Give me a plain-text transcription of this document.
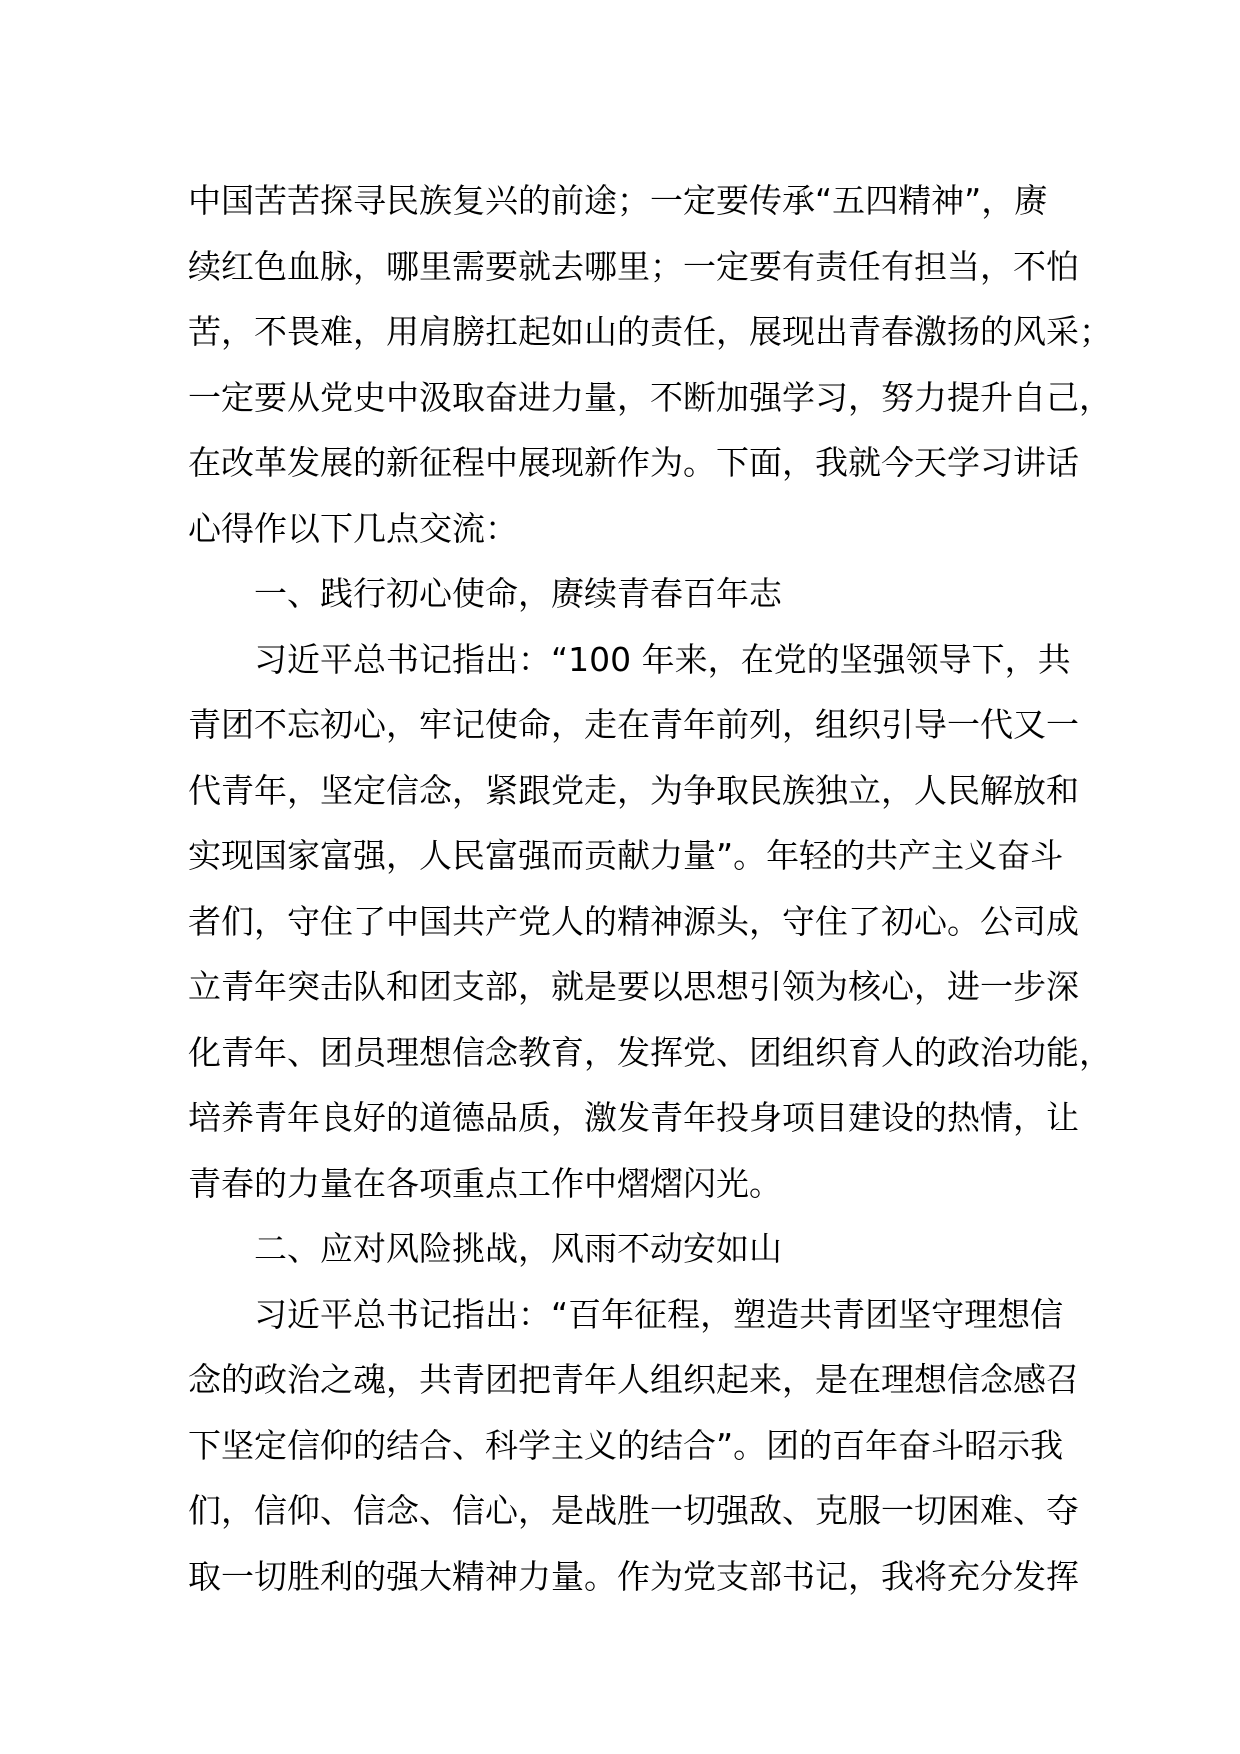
中国苦苦探寻民族复兴的前途；一定要传承“五四精神”，赓
续红色血脉，哪里需要就去哪里；一定要有责任有担当，不怕
苦，不畏难，用肩膀扛起如山的责任，展现出青春激扬的风采；
一定要从党史中汲取奋进力量，不断加强学习，努力提升自己，
在改革发展的新征程中展现新作为。下面，我就今天学习讲话
心得作以下几点交流：
一、践行初心使命，赓续青春百年志
习近平总书记指出：“100 年来，在党的坚强领导下，共
青团不忘初心，牢记使命，走在青年前列，组织引导一代又一
代青年，坚定信念，紧跟党走，为争取民族独立，人民解放和
实现国家富强，人民富强而贡献力量”。年轻的共产主义奋斗
者们，守住了中国共产党人的精神源头，守住了初心。公司成
立青年突击队和团支部，就是要以思想引领为核心，进一步深
化青年、团员理想信念教育，发挥党、团组织育人的政治功能，
培养青年良好的道德品质，激发青年投身项目建设的热情，让
青春的力量在各项重点工作中熠熠闪光。
二、应对风险挑战，风雨不动安如山
习近平总书记指出：“百年征程，塑造共青团坚守理想信
念的政治之魂，共青团把青年人组织起来，是在理想信念感召
下坚定信仰的结合、科学主义的结合”。团的百年奋斗昭示我
们，信仰、信念、信心，是战胜一切强敌、克服一切困难、夺
取一切胜利的强大精神力量。作为党支部书记，我将充分发挥
